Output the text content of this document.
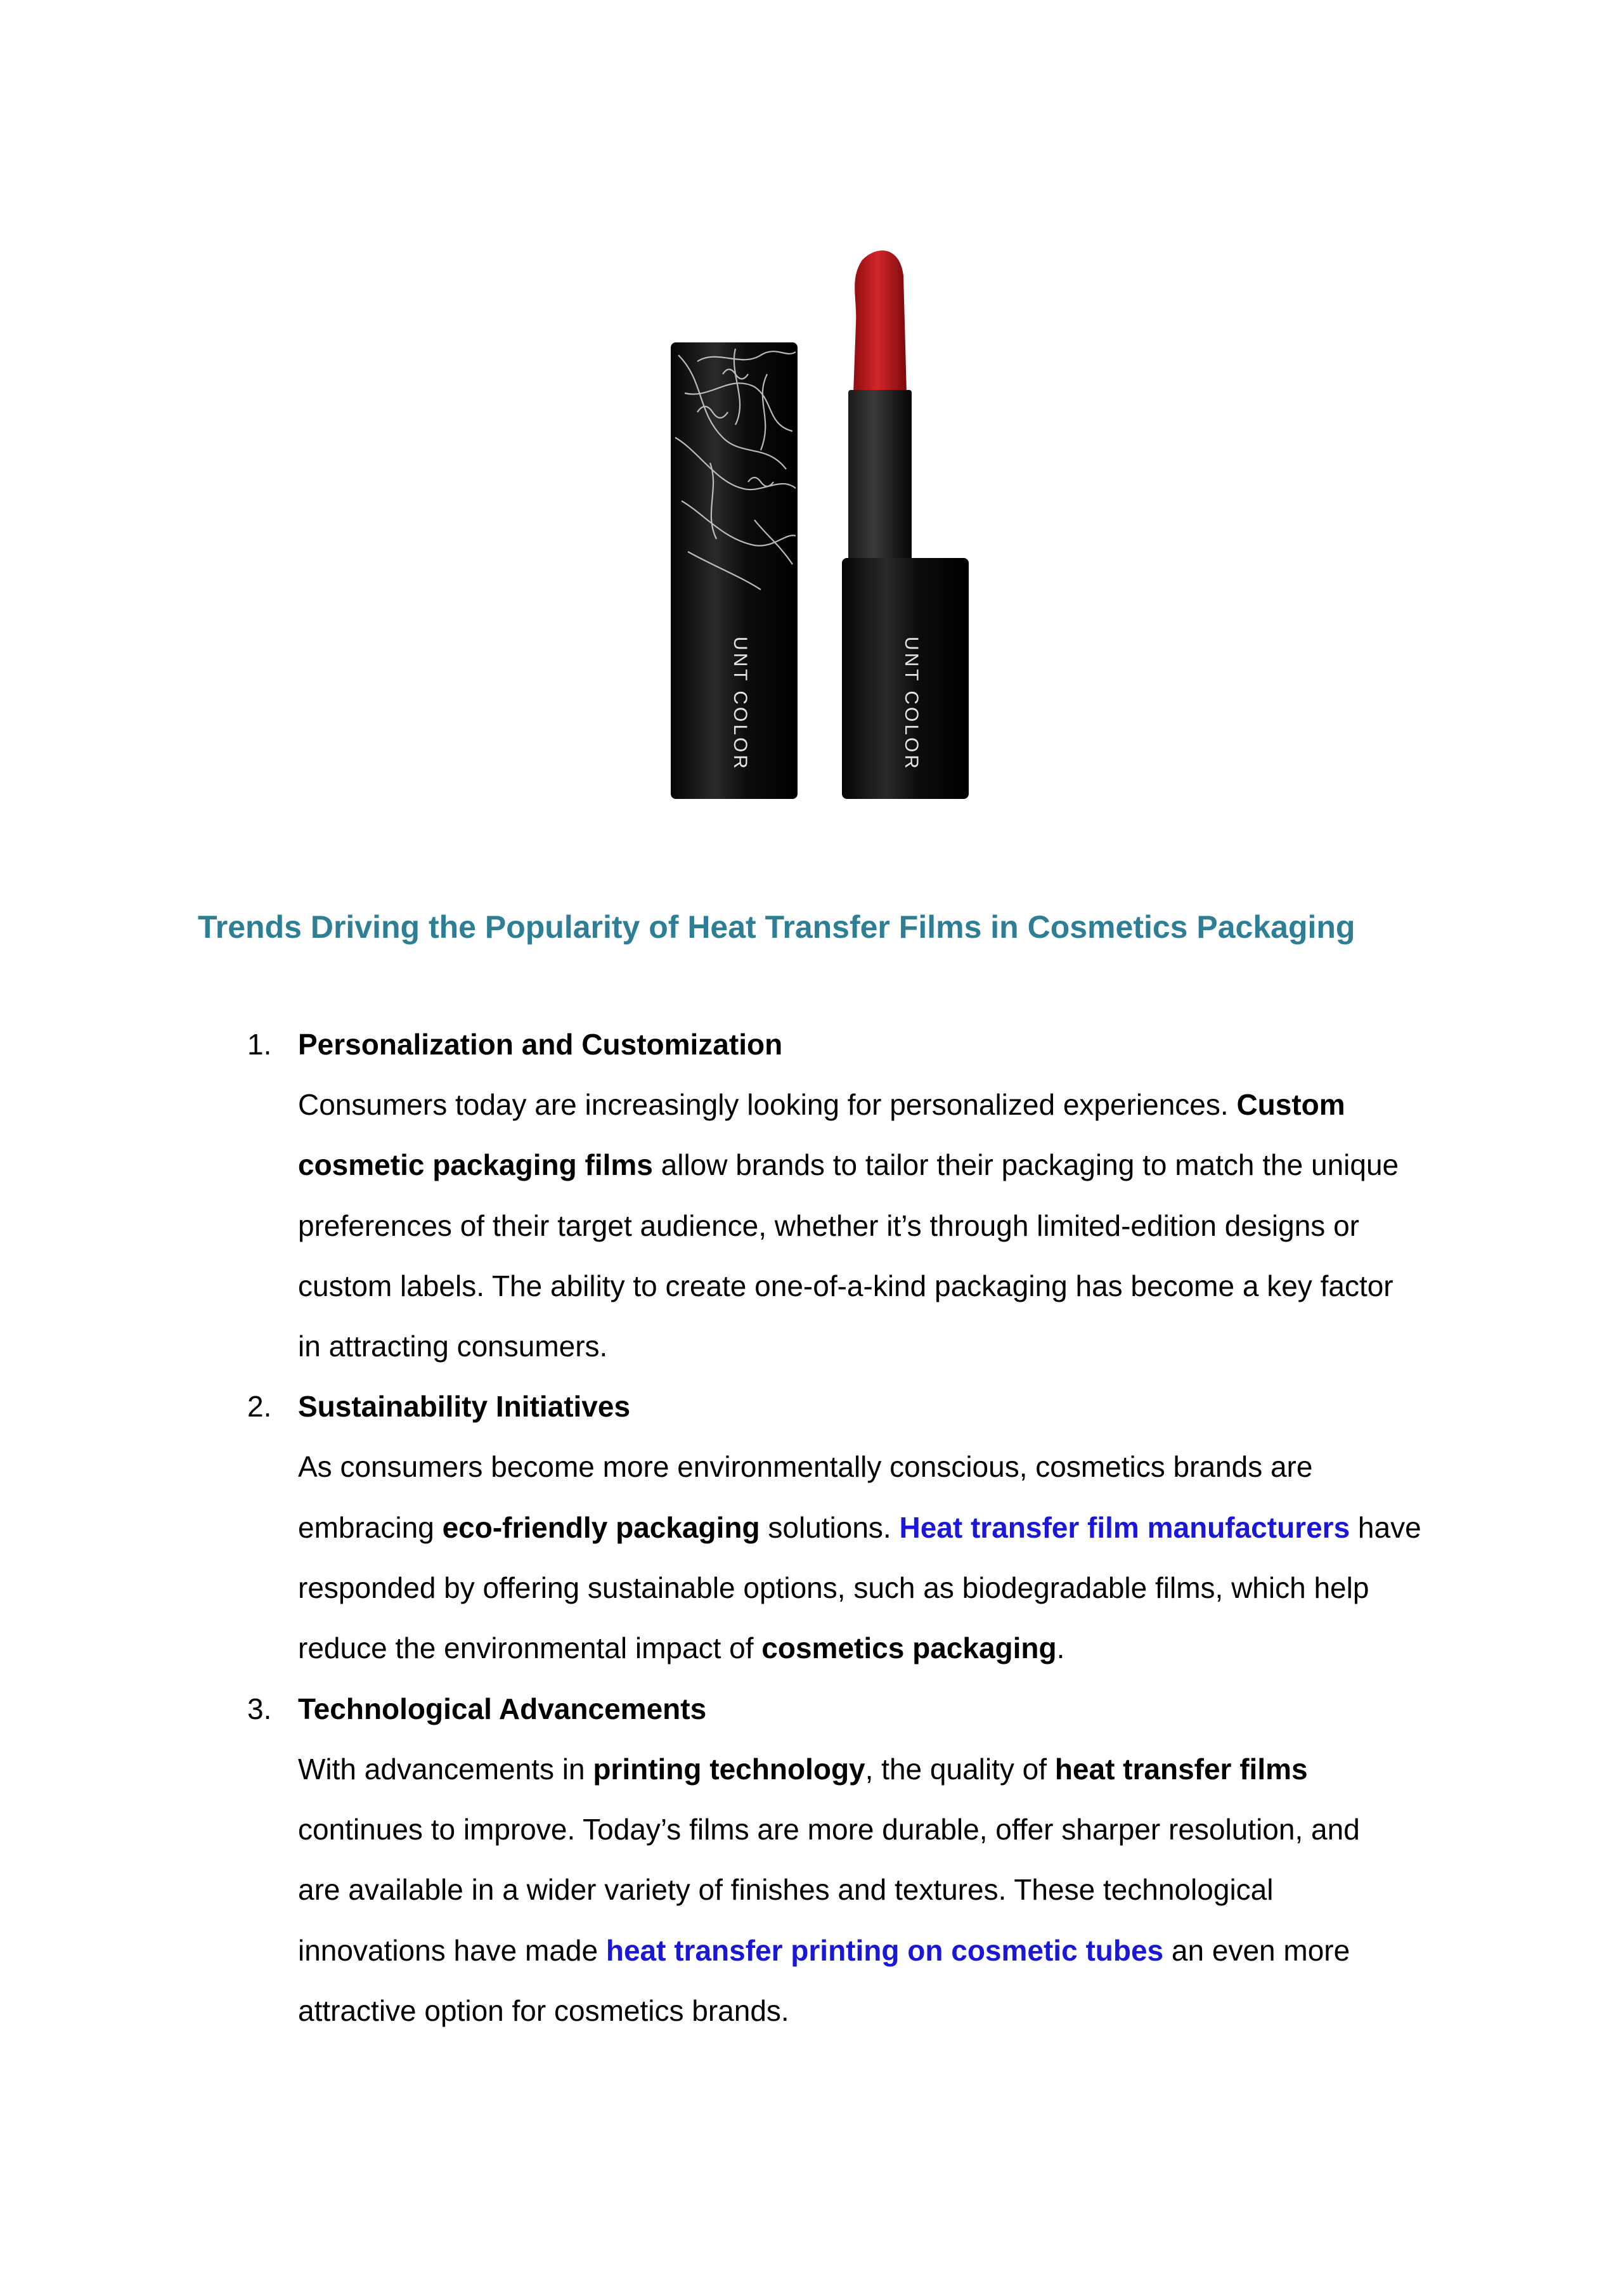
UNT COLOR	UNT COLOR
Trends Driving the Popularity of Heat Transfer Films in Cosmetics Packaging
1. Personalization and Customization
Consumers today are increasingly looking for personalized experiences. Custom
cosmetic packaging films allow brands to tailor their packaging to match the unique
preferences of their target audience, whether it’s through limited-edition designs or
custom labels. The ability to create one-of-a-kind packaging has become a key factor
in attracting consumers.
2. Sustainability Initiatives
As consumers become more environmentally conscious, cosmetics brands are
embracing eco-friendly packaging solutions. Heat transfer film manufacturers have
responded by offering sustainable options, such as biodegradable films, which help
reduce the environmental impact of cosmetics packaging.
3. Technological Advancements
With advancements in printing technology, the quality of heat transfer films
continues to improve. Today’s films are more durable, offer sharper resolution, and
are available in a wider variety of finishes and textures. These technological
innovations have made heat transfer printing on cosmetic tubes an even more
attractive option for cosmetics brands.
